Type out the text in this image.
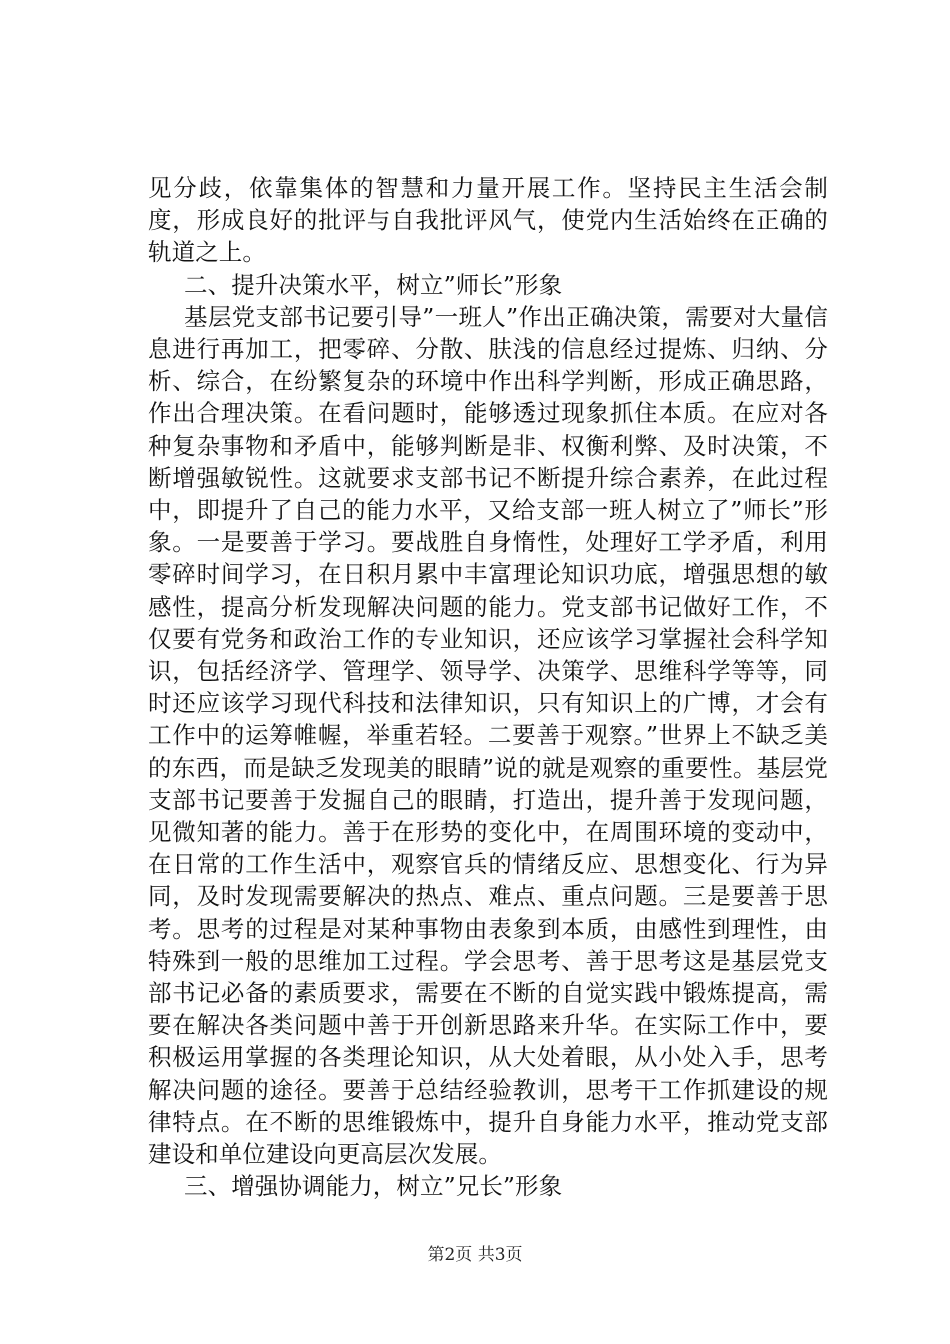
见分歧，依靠集体的智慧和力量开展工作。坚持民主生活会制度，形成良好的批评与自我批评风气，使党内生活始终在正确的轨道之上。

二、提升决策水平，树立”师长”形象

基层党支部书记要引导”一班人”作出正确决策，需要对大量信息进行再加工，把零碎、分散、肤浅的信息经过提炼、归纳、分析、综合，在纷繁复杂的环境中作出科学判断，形成正确思路，作出合理决策。在看问题时，能够透过现象抓住本质。在应对各种复杂事物和矛盾中，能够判断是非、权衡利弊、及时决策，不断增强敏锐性。这就要求支部书记不断提升综合素养，在此过程中，即提升了自己的能力水平，又给支部一班人树立了”师长”形象。一是要善于学习。要战胜自身惰性，处理好工学矛盾，利用零碎时间学习，在日积月累中丰富理论知识功底，增强思想的敏感性，提高分析发现解决问题的能力。党支部书记做好工作，不仅要有党务和政治工作的专业知识，还应该学习掌握社会科学知识，包括经济学、管理学、领导学、决策学、思维科学等等，同时还应该学习现代科技和法律知识，只有知识上的广博，才会有工作中的运筹帷幄，举重若轻。二要善于观察。”世界上不缺乏美的东西，而是缺乏发现美的眼睛”说的就是观察的重要性。基层党支部书记要善于发掘自己的眼睛，打造出，提升善于发现问题，见微知著的能力。善于在形势的变化中，在周围环境的变动中，在日常的工作生活中，观察官兵的情绪反应、思想变化、行为异同，及时发现需要解决的热点、难点、重点问题。三是要善于思考。思考的过程是对某种事物由表象到本质，由感性到理性，由特殊到一般的思维加工过程。学会思考、善于思考这是基层党支部书记必备的素质要求，需要在不断的自觉实践中锻炼提高，需要在解决各类问题中善于开创新思路来升华。在实际工作中，要积极运用掌握的各类理论知识，从大处着眼，从小处入手，思考解决问题的途径。要善于总结经验教训，思考干工作抓建设的规律特点。在不断的思维锻炼中，提升自身能力水平，推动党支部建设和单位建设向更高层次发展。

三、增强协调能力，树立”兄长”形象

第2页 共3页
